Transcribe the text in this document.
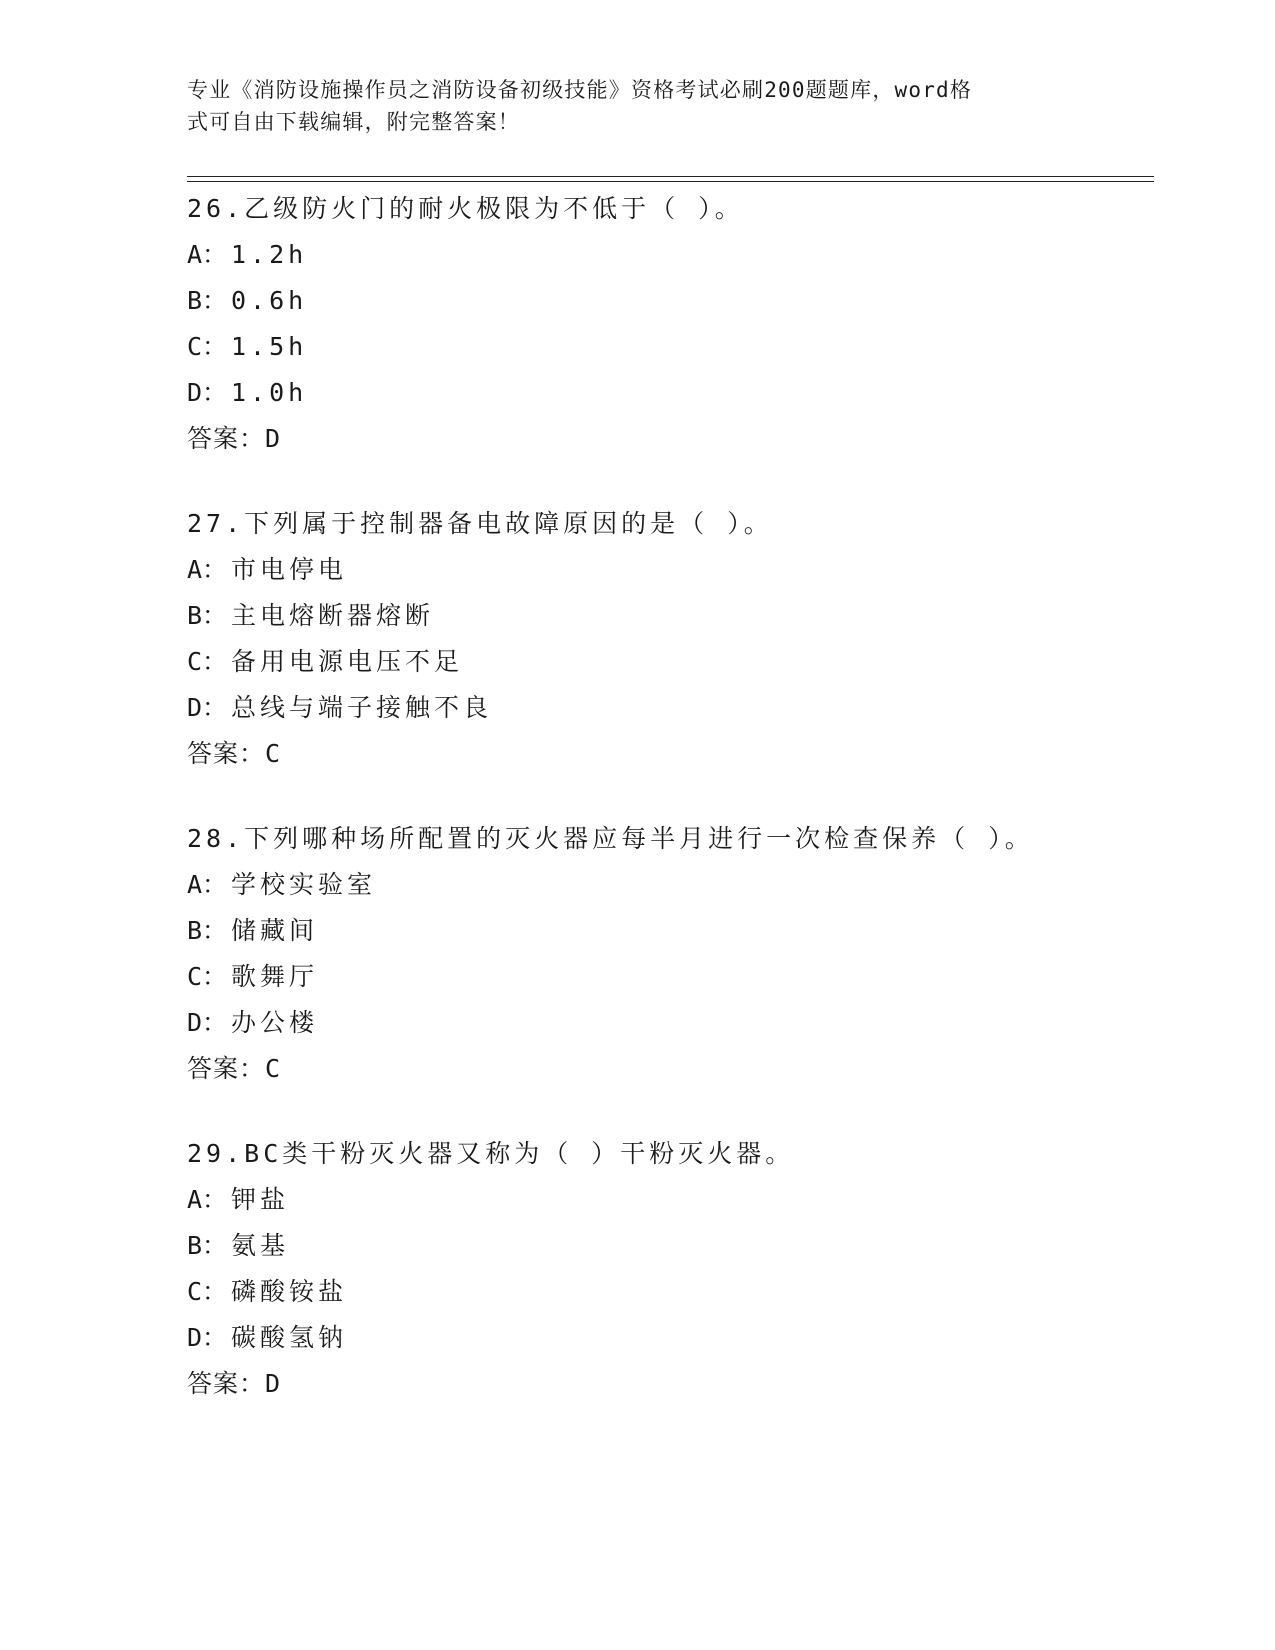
专业《消防设施操作员之消防设备初级技能》资格考试必刷200题题库，word格
式可自由下载编辑，附完整答案！
26.乙级防火门的耐火极限为不低于（ ）。
A： 1.2h
B： 0.6h
C： 1.5h
D： 1.0h
答案：D
27.下列属于控制器备电故障原因的是（ ）。
A： 市电停电
B： 主电熔断器熔断
C： 备用电源电压不足
D： 总线与端子接触不良
答案：C
28.下列哪种场所配置的灭火器应每半月进行一次检查保养（ ）。
A： 学校实验室
B： 储藏间
C： 歌舞厅
D： 办公楼
答案：C
29.BC类干粉灭火器又称为（ ）干粉灭火器。
A： 钾盐
B： 氨基
C： 磷酸铵盐
D： 碳酸氢钠
答案：D
